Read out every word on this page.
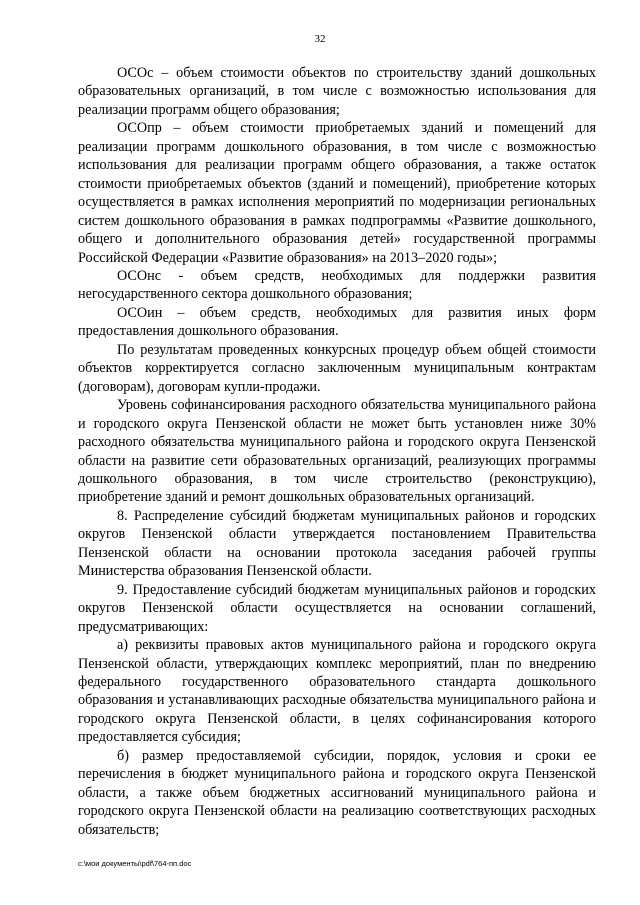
32

ОСОс – объем стоимости объектов по строительству зданий дошкольных образовательных организаций, в том числе с возможностью использования для реализации программ общего образования;

ОСОпр – объем стоимости приобретаемых зданий и помещений для реализации программ дошкольного образования, в том числе с возможностью использования для реализации программ общего образования, а также остаток стоимости приобретаемых объектов (зданий и помещений), приобретение которых осуществляется в рамках исполнения мероприятий по модернизации региональных систем дошкольного образования в рамках подпрограммы «Развитие дошкольного, общего и дополнительного образования детей» государственной программы Российской Федерации «Развитие образования» на 2013–2020 годы»;

ОСОнс - объем средств, необходимых для поддержки развития негосударственного сектора дошкольного образования;

ОСОин – объем средств, необходимых для развития иных форм предоставления дошкольного образования.

По результатам проведенных конкурсных процедур объем общей стоимости объектов корректируется согласно заключенным муниципальным контрактам (договорам), договорам купли-продажи.

Уровень софинансирования расходного обязательства муниципального района и городского округа Пензенской области не может быть установлен ниже 30% расходного обязательства муниципального района и городского округа Пензенской области на развитие сети образовательных организаций, реализующих программы дошкольного образования, в том числе строительство (реконструкцию), приобретение зданий и ремонт дошкольных образовательных организаций.

8. Распределение субсидий бюджетам муниципальных районов и городских округов Пензенской области утверждается постановлением Правительства Пензенской области на основании протокола заседания рабочей группы Министерства образования Пензенской области.

9. Предоставление субсидий бюджетам муниципальных районов и городских округов Пензенской области осуществляется на основании соглашений, предусматривающих:

а) реквизиты правовых актов муниципального района и городского округа Пензенской области, утверждающих комплекс мероприятий, план по внедрению федерального государственного образовательного стандарта дошкольного образования и устанавливающих расходные обязательства муниципального района и городского округа Пензенской области, в целях софинансирования которого предоставляется субсидия;

б) размер предоставляемой субсидии, порядок, условия и сроки ее перечисления в бюджет муниципального района и городского округа Пензенской области, а также объем бюджетных ассигнований муниципального района и городского округа Пензенской области на реализацию соответствующих расходных обязательств;

c:\мои документы\pdf\764-пп.doc
